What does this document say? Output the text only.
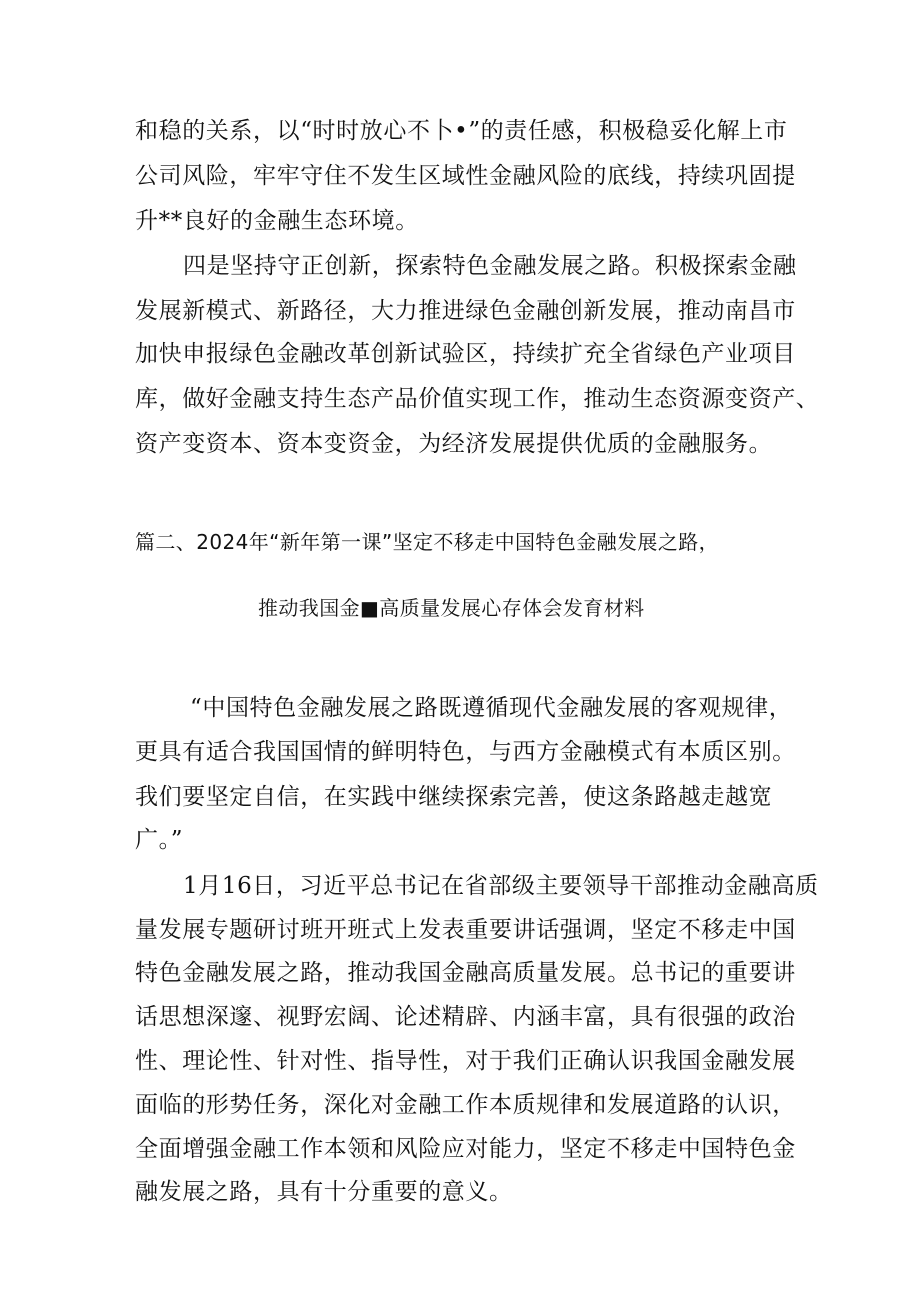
和稳的关系，以“时时放心不卜•”的责任感，积极稳妥化解上市
公司风险，牢牢守住不发生区域性金融风险的底线，持续巩固提
升**良好的金融生态环境。
四是坚持守正创新，探索特色金融发展之路。积极探索金融
发展新模式、新路径，大力推进绿色金融创新发展，推动南昌市
加快申报绿色金融改革创新试验区，持续扩充全省绿色产业项目
库，做好金融支持生态产品价值实现工作，推动生态资源变资产、
资产变资本、资本变资金，为经济发展提供优质的金融服务。
篇二、2024年“新年第一课”坚定不移走中国特色金融发展之路，
推动我国金■高质量发展心存体会发育材料
“中国特色金融发展之路既遵循现代金融发展的客观规律，
更具有适合我国国情的鲜明特色，与西方金融模式有本质区别。
我们要坚定自信，在实践中继续探索完善，使这条路越走越宽
广。”
1月16日，习近平总书记在省部级主要领导干部推动金融高质
量发展专题研讨班开班式上发表重要讲话强调，坚定不移走中国
特色金融发展之路，推动我国金融高质量发展。总书记的重要讲
话思想深邃、视野宏阔、论述精辟、内涵丰富，具有很强的政治
性、理论性、针对性、指导性，对于我们正确认识我国金融发展
面临的形势任务，深化对金融工作本质规律和发展道路的认识，
全面增强金融工作本领和风险应对能力，坚定不移走中国特色金
融发展之路，具有十分重要的意义。
